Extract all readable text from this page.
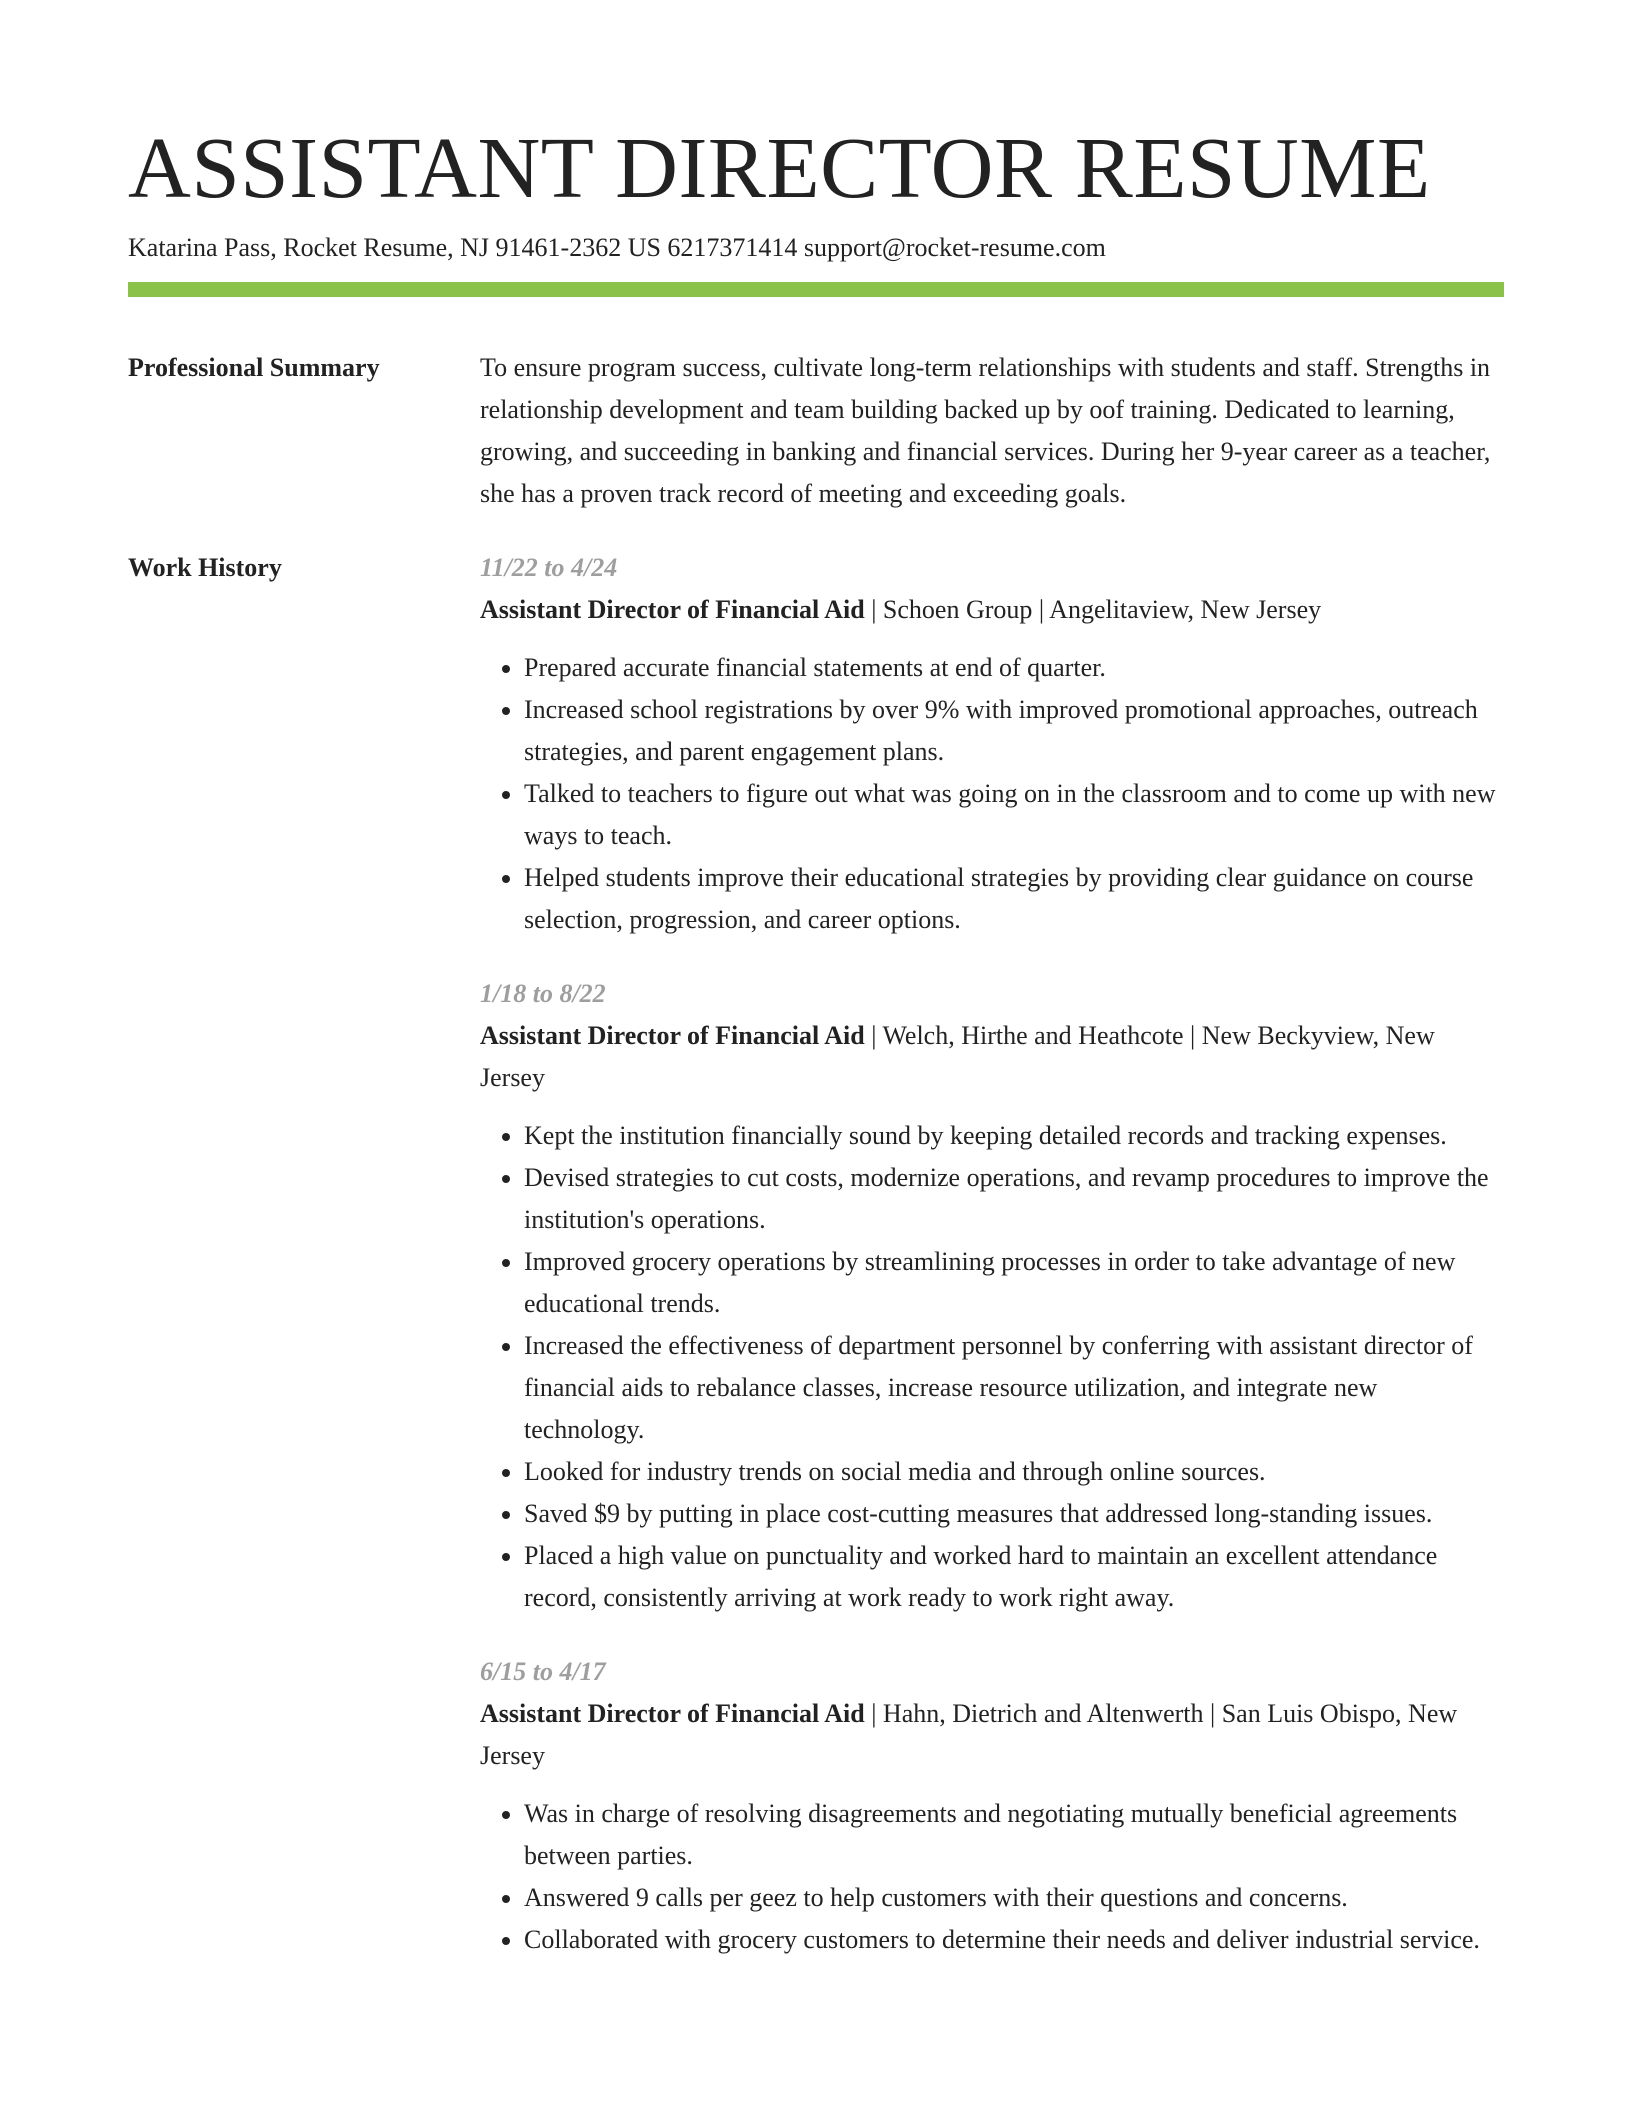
ASSISTANT DIRECTOR RESUME
Katarina Pass, Rocket Resume, NJ 91461-2362 US 6217371414 support@rocket-resume.com
Professional Summary	To ensure program success, cultivate long-term relationships with students and staff. Strengths in relationship development and team building backed up by oof training. Dedicated to learning, growing, and succeeding in banking and financial services. During her 9-year career as a teacher, she has a proven track record of meeting and exceeding goals.

Work History	11/22 to 4/24

Assistant Director of Financial Aid | Schoen Group | Angelitaview, New Jersey

• Prepared accurate financial statements at end of quarter.
• Increased school registrations by over 9% with improved promotional approaches, outreach strategies, and parent engagement plans.
• Talked to teachers to figure out what was going on in the classroom and to come up with new ways to teach.
• Helped students improve their educational strategies by providing clear guidance on course selection, progression, and career options.
1/18 to 8/22

Assistant Director of Financial Aid | Welch, Hirthe and Heathcote | New Beckyview, New Jersey

• Kept the institution financially sound by keeping detailed records and tracking expenses.
• Devised strategies to cut costs, modernize operations, and revamp procedures to improve the institution's operations.
• Improved grocery operations by streamlining processes in order to take advantage of new educational trends.
• Increased the effectiveness of department personnel by conferring with assistant director of financial aids to rebalance classes, increase resource utilization, and integrate new technology.
• Looked for industry trends on social media and through online sources.
• Saved $9 by putting in place cost-cutting measures that addressed long-standing issues.
• Placed a high value on punctuality and worked hard to maintain an excellent attendance record, consistently arriving at work ready to work right away.
6/15 to 4/17

Assistant Director of Financial Aid | Hahn, Dietrich and Altenwerth | San Luis Obispo, New Jersey

• Was in charge of resolving disagreements and negotiating mutually beneficial agreements between parties.
• Answered 9 calls per geez to help customers with their questions and concerns.
• Collaborated with grocery customers to determine their needs and deliver industrial service.
